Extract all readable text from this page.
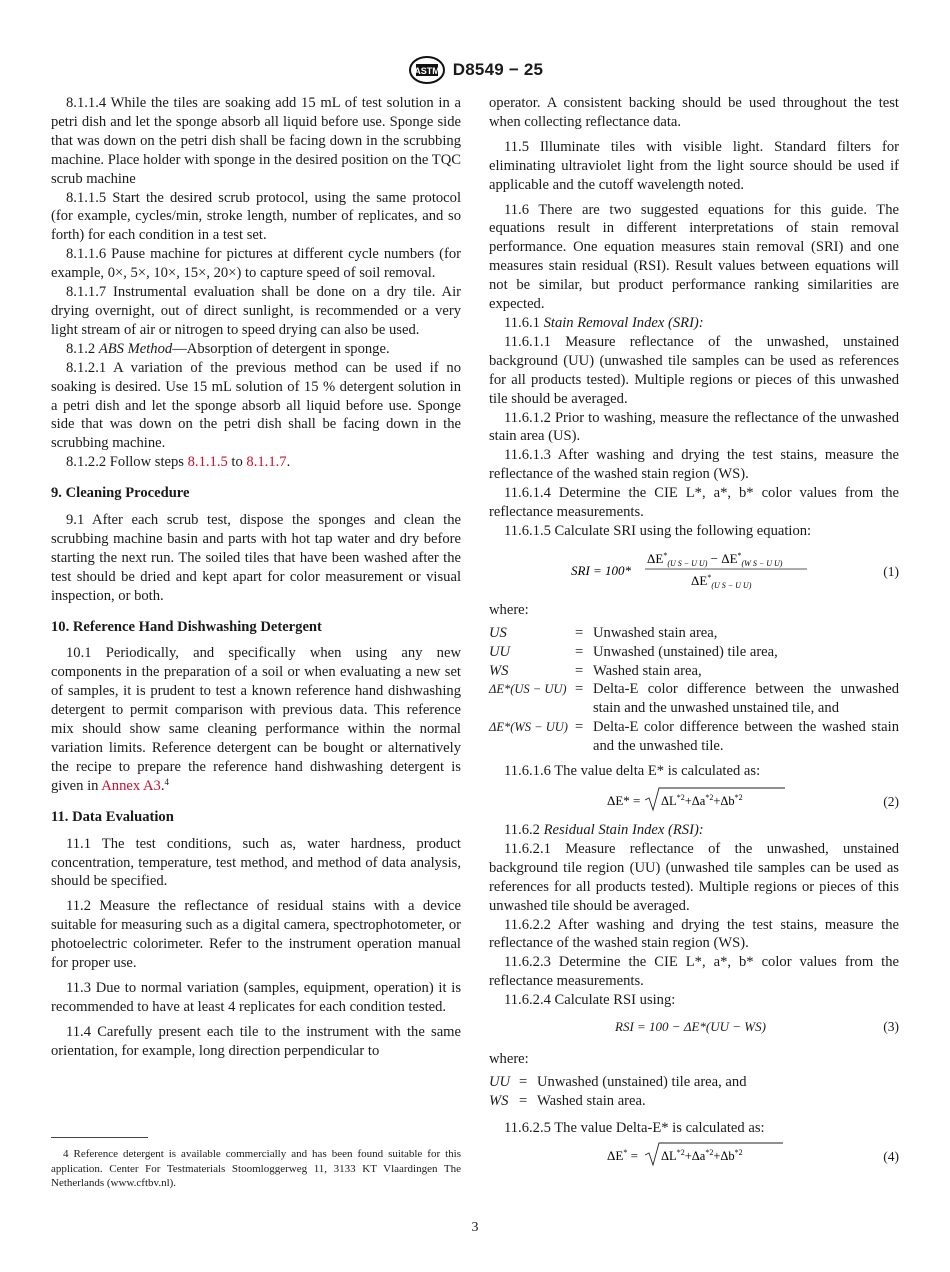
ASTM D8549 − 25

8.1.1.4 While the tiles are soaking add 15 mL of test solution in a petri dish and let the sponge absorb all liquid before use. Sponge side that was down on the petri dish shall be facing down in the scrubbing machine. Place holder with sponge in the desired position on the TQC scrub machine

8.1.1.5 Start the desired scrub protocol, using the same protocol (for example, cycles/min, stroke length, number of replicates, and so forth) for each condition in a test set.

8.1.1.6 Pause machine for pictures at different cycle numbers (for example, 0×, 5×, 10×, 15×, 20×) to capture speed of soil removal.

8.1.1.7 Instrumental evaluation shall be done on a dry tile. Air drying overnight, out of direct sunlight, is recommended or a very light stream of air or nitrogen to speed drying can also be used.

8.1.2 ABS Method—Absorption of detergent in sponge.

8.1.2.1 A variation of the previous method can be used if no soaking is desired. Use 15 mL solution of 15 % detergent solution in a petri dish and let the sponge absorb all liquid before use. Sponge side that was down on the petri dish shall be facing down in the scrubbing machine.

8.1.2.2 Follow steps 8.1.1.5 to 8.1.1.7.

9. Cleaning Procedure

9.1 After each scrub test, dispose the sponges and clean the scrubbing machine basin and parts with hot tap water and dry before starting the next run. The soiled tiles that have been washed after the test should be dried and kept apart for color measurement or visual inspection, or both.

10. Reference Hand Dishwashing Detergent

10.1 Periodically, and specifically when using any new components in the preparation of a soil or when evaluating a new set of samples, it is prudent to test a known reference hand dishwashing detergent to permit comparison with previous data. This reference mix should show same cleaning performance within the normal variation limits. Reference detergent can be bought or alternatively the recipe to prepare the reference hand dishwashing detergent is given in Annex A3.$^4$

11. Data Evaluation

11.1 The test conditions, such as, water hardness, product concentration, temperature, test method, and method of data analysis, should be specified.

11.2 Measure the reflectance of residual stains with a device suitable for measuring such as a digital camera, spectrophotometer, or photoelectric colorimeter. Refer to the instrument operation manual for proper use.

11.3 Due to normal variation (samples, equipment, operation) it is recommended to have at least 4 replicates for each condition tested.

11.4 Carefully present each tile to the instrument with the same orientation, for example, long direction perpendicular to

4 Reference detergent is available commercially and has been found suitable for this application. Center For Testmaterials Stoomloggerweg 11, 3133 KT Vlaardingen The Netherlands (www.cftbv.nl).

operator. A consistent backing should be used throughout the test when collecting reflectance data.

11.5 Illuminate tiles with visible light. Standard filters for eliminating ultraviolet light from the light source should be used if applicable and the cutoff wavelength noted.

11.6 There are two suggested equations for this guide. The equations result in different interpretations of stain removal performance. One equation measures stain removal (SRI) and one measures stain residual (RSI). Result values between equations will not be similar, but product performance ranking similarities are expected.

11.6.1 Stain Removal Index (SRI):

11.6.1.1 Measure reflectance of the unwashed, unstained background (UU) (unwashed tile samples can be used as references for all products tested). Multiple regions or pieces of this unwashed tile should be averaged.

11.6.1.2 Prior to washing, measure the reflectance of the unwashed stain area (US).

11.6.1.3 After washing and drying the test stains, measure the reflectance of the washed stain region (WS).

11.6.1.4 Determine the CIE L*, a*, b* color values from the reflectance measurements.

11.6.1.5 Calculate SRI using the following equation:

SRI = 100*
$\Delta E^*_{(U S - U U)} - \Delta E^*_{(W S - U U)}$
$\Delta E^*_{(U S - U U)}$
(1)
where:
US	= Unwashed stain area,
UU	= Unwashed (unstained) tile area,
WS	= Washed stain area,
ΔE*(US − UU) = Delta-E color difference between the unwashed stain and the unwashed unstained tile, and
ΔE*(WS − UU) = Delta-E color difference between the washed stain and the unwashed tile.

11.6.1.6 The value delta E* is calculated as:

$\Delta E* = \Delta L^{*2}+\Delta a^{*2}+\Delta b^{*2}$	(2)

11.6.2 Residual Stain Index (RSI):

11.6.2.1 Measure reflectance of the unwashed, unstained background tile region (UU) (unwashed tile samples can be used as references for all products tested). Multiple regions or pieces of this unwashed tile should be averaged.

11.6.2.2 After washing and drying the test stains, measure the reflectance of the washed stain region (WS).

11.6.2.3 Determine the CIE L*, a*, b* color values from the reflectance measurements.

11.6.2.4 Calculate RSI using:

RSI = 100 − ΔE*(UU − WS)	(3)
where:
UU = Unwashed (unstained) tile area, and
WS = Washed stain area.

11.6.2.5 The value Delta-E* is calculated as:

$\Delta E^* = \Delta L^{*2}+\Delta a^{*2}+\Delta b^{*2}$	(4)
3
